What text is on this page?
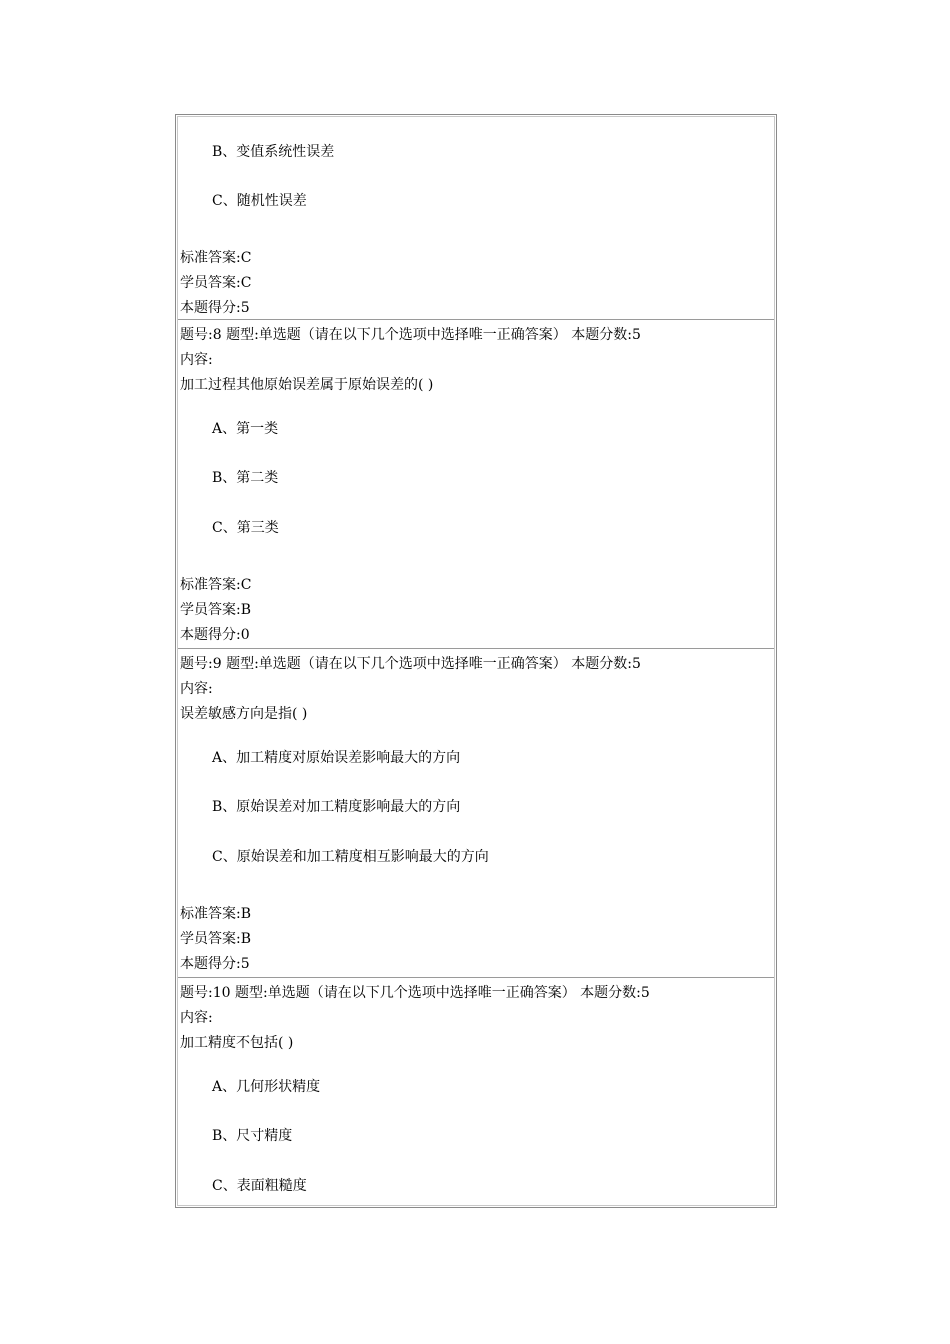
B、变值系统性误差
C、随机性误差
标准答案:C
学员答案:C
本题得分:5
题号:8 题型:单选题（请在以下几个选项中选择唯一正确答案） 本题分数:5
内容:
加工过程其他原始误差属于原始误差的( )
A、第一类
B、第二类
C、第三类
标准答案:C
学员答案:B
本题得分:0
题号:9 题型:单选题（请在以下几个选项中选择唯一正确答案） 本题分数:5
内容:
误差敏感方向是指( )
A、加工精度对原始误差影响最大的方向
B、原始误差对加工精度影响最大的方向
C、原始误差和加工精度相互影响最大的方向
标准答案:B
学员答案:B
本题得分:5
题号:10 题型:单选题（请在以下几个选项中选择唯一正确答案） 本题分数:5
内容:
加工精度不包括( )
A、几何形状精度
B、尺寸精度
C、表面粗糙度
